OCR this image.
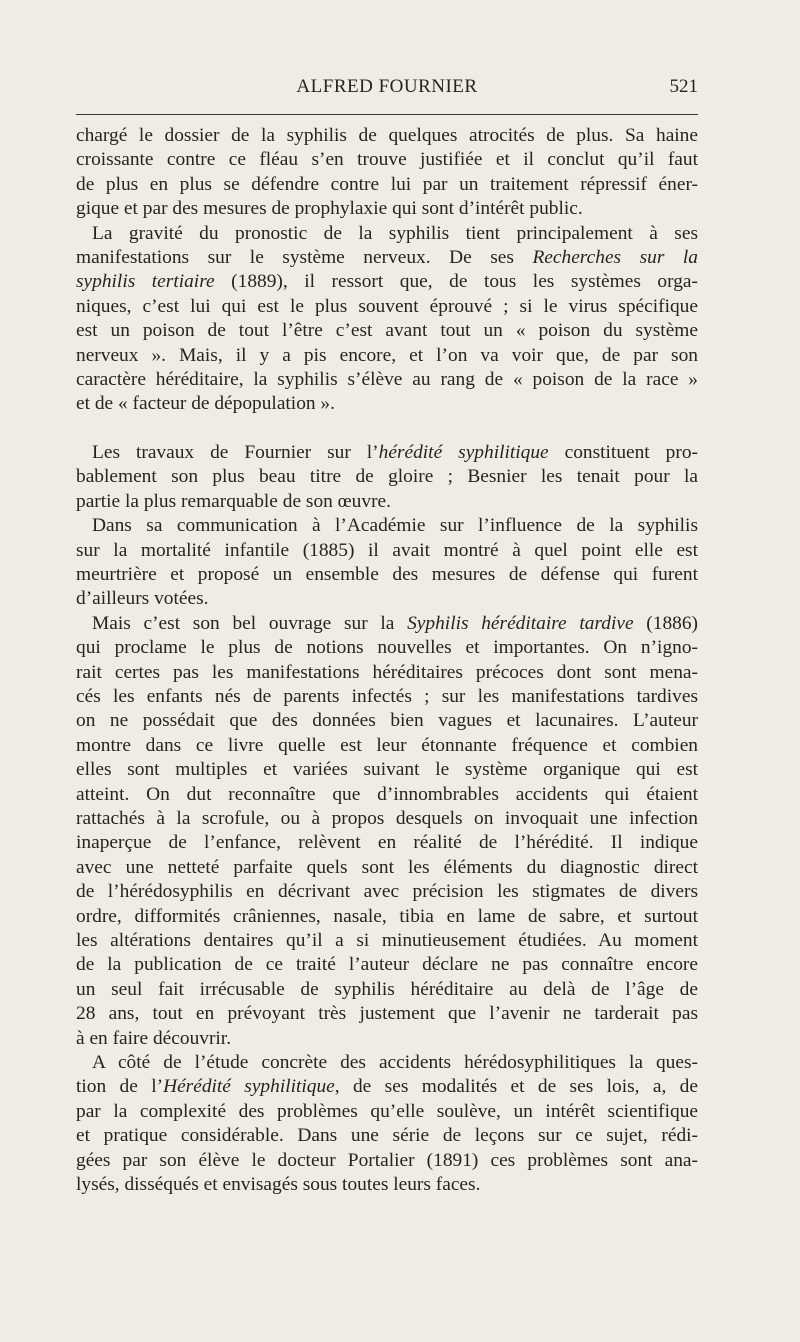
ALFRED FOURNIER	521

chargé le dossier de la syphilis de quelques atrocités de plus. Sa haine
croissante contre ce fléau s’en trouve justifiée et il conclut qu’il faut
de plus en plus se défendre contre lui par un traitement répressif éner-
gique et par des mesures de prophylaxie qui sont d’intérêt public.

La gravité du pronostic de la syphilis tient principalement à ses
manifestations sur le système nerveux. De ses Recherches sur la
syphilis tertiaire (1889), il ressort que, de tous les systèmes orga-
niques, c’est lui qui est le plus souvent éprouvé ; si le virus spécifique
est un poison de tout l’être c’est avant tout un « poison du système
nerveux ». Mais, il y a pis encore, et l’on va voir que, de par son
caractère héréditaire, la syphilis s’élève au rang de « poison de la race »
et de « facteur de dépopulation ».

Les travaux de Fournier sur l’hérédité syphilitique constituent pro-
bablement son plus beau titre de gloire ; Besnier les tenait pour la
partie la plus remarquable de son œuvre.

Dans sa communication à l’Académie sur l’influence de la syphilis
sur la mortalité infantile (1885) il avait montré à quel point elle est
meurtrière et proposé un ensemble des mesures de défense qui furent
d’ailleurs votées.

Mais c’est son bel ouvrage sur la Syphilis héréditaire tardive (1886)
qui proclame le plus de notions nouvelles et importantes. On n’igno-
rait certes pas les manifestations héréditaires précoces dont sont mena-
cés les enfants nés de parents infectés ; sur les manifestations tardives
on ne possédait que des données bien vagues et lacunaires. L’auteur
montre dans ce livre quelle est leur étonnante fréquence et combien
elles sont multiples et variées suivant le système organique qui est
atteint. On dut reconnaître que d’innombrables accidents qui étaient
rattachés à la scrofule, ou à propos desquels on invoquait une infection
inaperçue de l’enfance, relèvent en réalité de l’hérédité. Il indique
avec une netteté parfaite quels sont les éléments du diagnostic direct
de l’hérédosyphilis en décrivant avec précision les stigmates de divers
ordre, difformités crâniennes, nasale, tibia en lame de sabre, et surtout
les altérations dentaires qu’il a si minutieusement étudiées. Au moment
de la publication de ce traité l’auteur déclare ne pas connaître encore
un seul fait irrécusable de syphilis héréditaire au delà de l’âge de
28 ans, tout en prévoyant très justement que l’avenir ne tarderait pas
à en faire découvrir.

A côté de l’étude concrète des accidents hérédosyphilitiques la ques-
tion de l’Hérédité syphilitique, de ses modalités et de ses lois, a, de
par la complexité des problèmes qu’elle soulève, un intérêt scientifique
et pratique considérable. Dans une série de leçons sur ce sujet, rédi-
gées par son élève le docteur Portalier (1891) ces problèmes sont ana-
lysés, disséqués et envisagés sous toutes leurs faces.
